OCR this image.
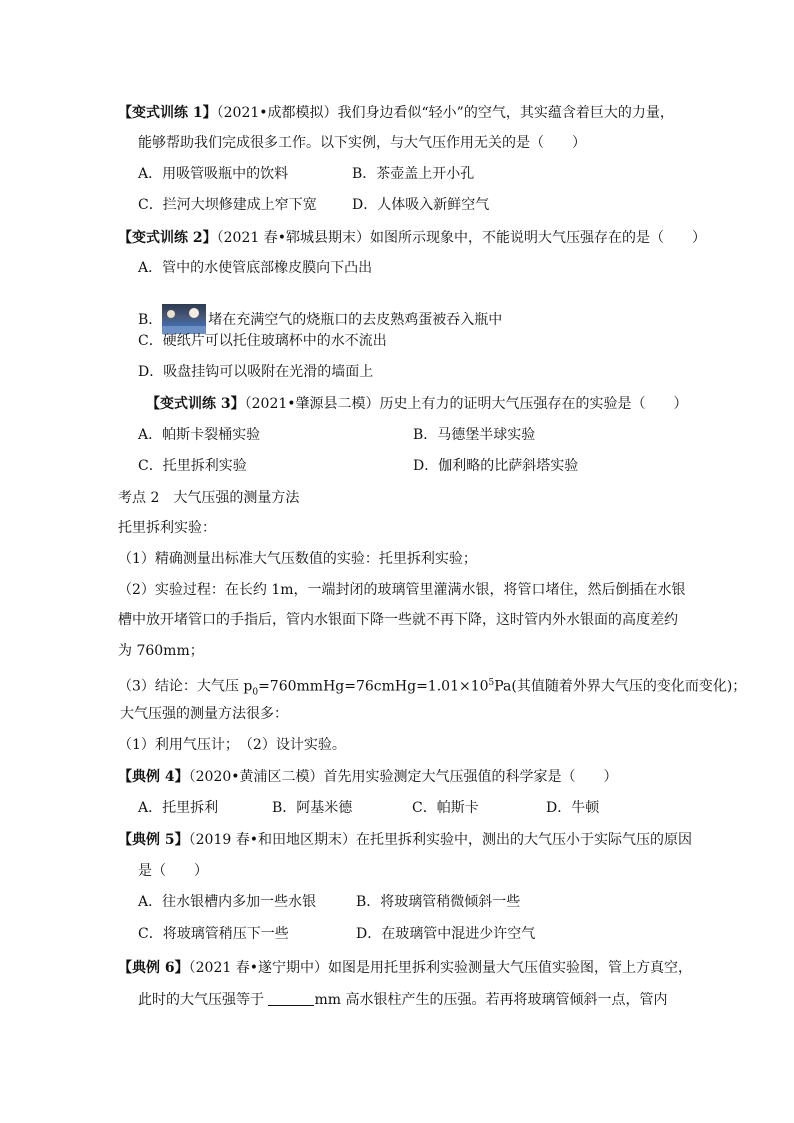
【变式训练 1】（2021•成都模拟）我们身边看似“轻小”的空气，其实蕴含着巨大的力量，
能够帮助我们完成很多工作。以下实例，与大气压作用无关的是（　　）
A．用吸管吸瓶中的饮料	B．茶壶盖上开小孔
C．拦河大坝修建成上窄下宽	D．人体吸入新鲜空气
【变式训练 2】（2021 春•郓城县期末）如图所示现象中，不能说明大气压强存在的是（　　）
A．管中的水使管底部橡皮膜向下凸出
B．	堵在充满空气的烧瓶口的去皮熟鸡蛋被吞入瓶中
C．硬纸片可以托住玻璃杯中的水不流出
D．吸盘挂钩可以吸附在光滑的墙面上
【变式训练 3】（2021•肇源县二模）历史上有力的证明大气压强存在的实验是（　　）
A．帕斯卡裂桶实验	B．马德堡半球实验
C．托里拆利实验	D．伽利略的比萨斜塔实验
考点 2　大气压强的测量方法
托里拆利实验：
（1）精确测量出标准大气压数值的实验：托里拆利实验；
（2）实验过程：在长约 1m，一端封闭的玻璃管里灌满水银，将管口堵住，然后倒插在水银
槽中放开堵管口的手指后，管内水银面下降一些就不再下降，这时管内外水银面的高度差约
为 760mm；
（3）结论：大气压 $p_0=760mmHg=76cmHg=1.01\times 10^5Pa$(其值随着外界大气压的变化而变化)；
大气压强的测量方法很多：
（1）利用气压计；　（2）设计实验。
【典例 4】（2020•黄浦区二模）首先用实验测定大气压强值的科学家是（　　）
A．托里拆利	B．阿基米德	C．帕斯卡	D．牛顿
【典例 5】（2019 春•和田地区期末）在托里拆利实验中，测出的大气压小于实际气压的原因
是（　　）
A．往水银槽内多加一些水银	B．将玻璃管稍微倾斜一些
C．将玻璃管稍压下一些	D．在玻璃管中混进少许空气
【典例 6】（2021 春•遂宁期中）如图是用托里拆利实验测量大气压值实验图，管上方真空，
此时的大气压强等于	mm 高水银柱产生的压强。若再将玻璃管倾斜一点，管内
